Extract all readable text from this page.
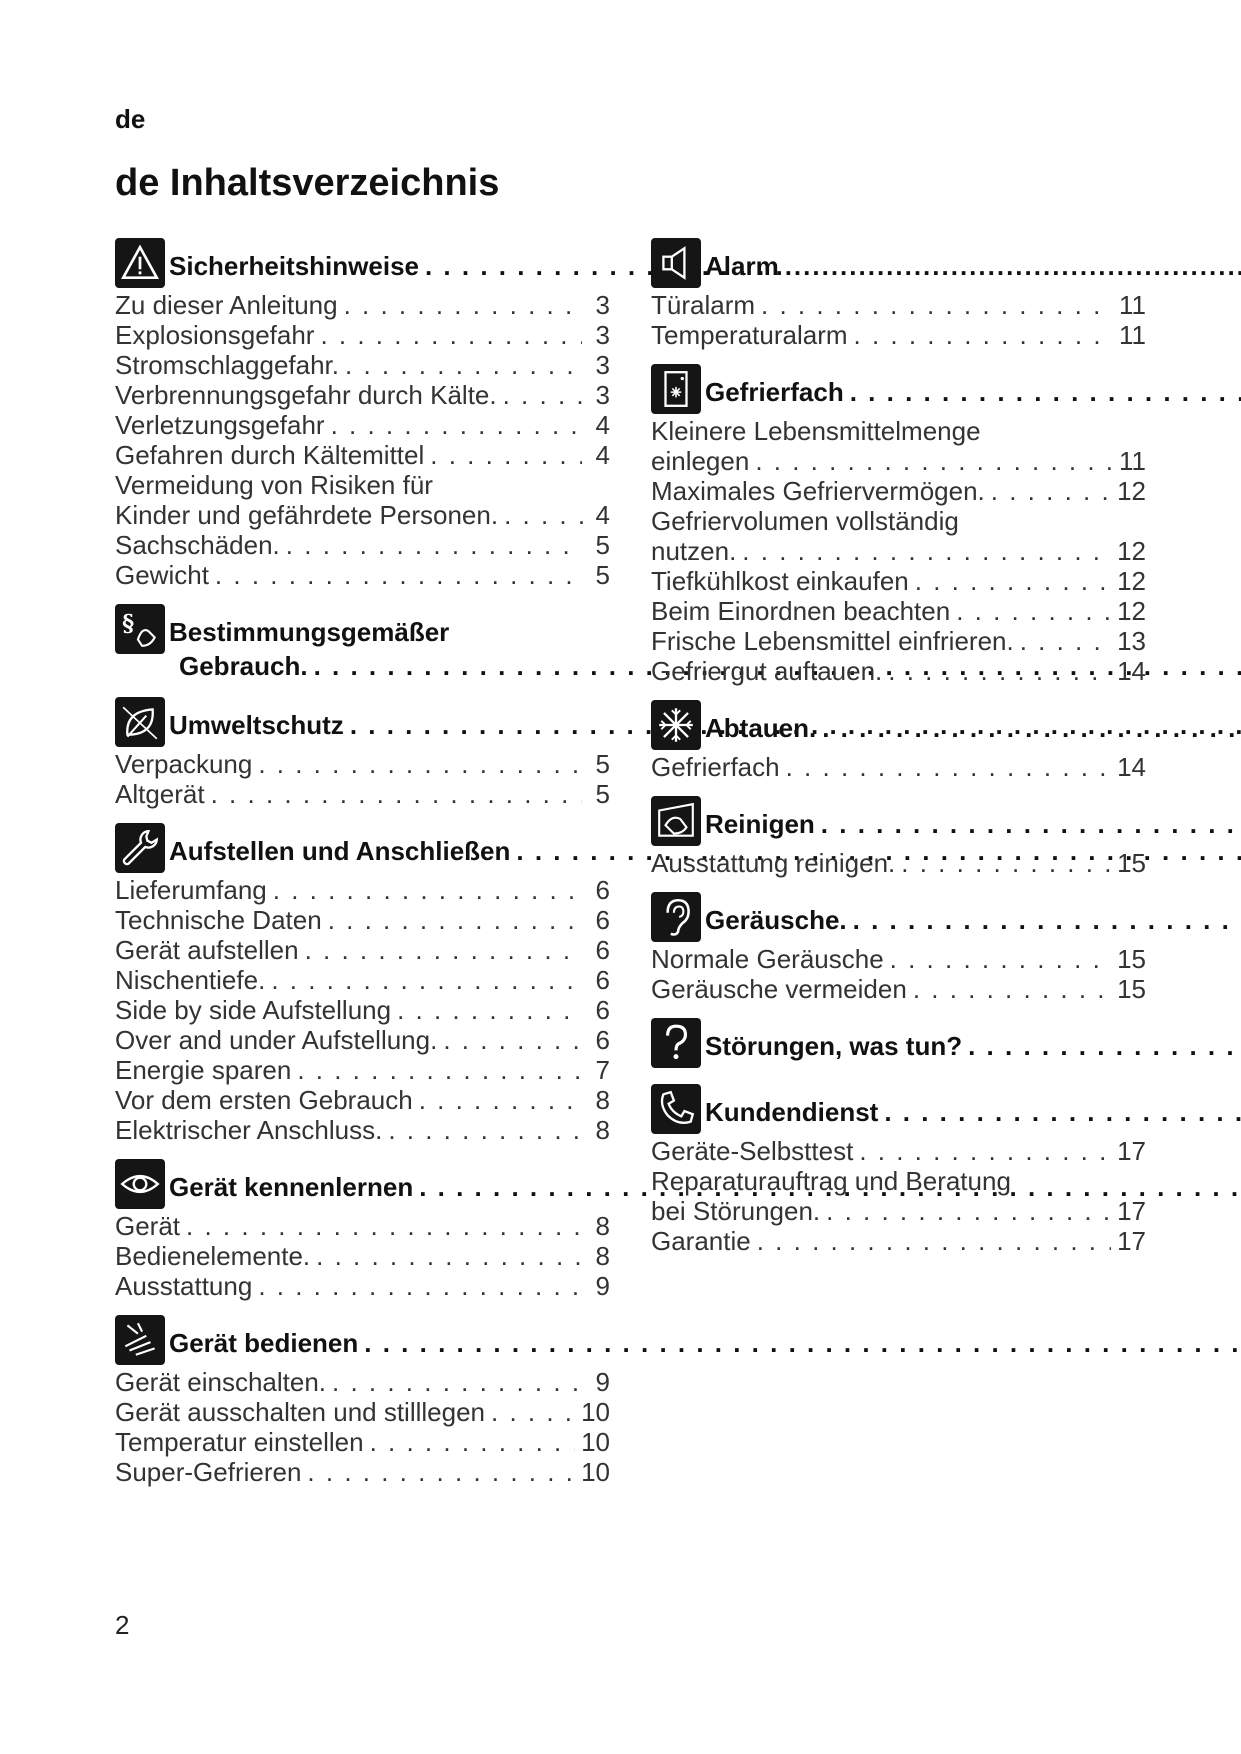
de
de Inhaltsverzeichnis
Sicherheitshinweise
. . .
Zu dieser Anleitung . . .	3
Explosionsgefahr . . .	3
Stromschlaggefahr. . . .	3
Verbrennungsgefahr durch Kälte. . . .	3
Verletzungsgefahr . . .	4
Gefahren durch Kältemittel . . .	4
Vermeidung von Risiken für
Kinder und gefährdete Personen. . . .	4
Sachschäden. . . .	5
Gewicht . . .	5
§ Bestimmungsgemäßer
Gebrauch.
. . .
Umweltschutz
. . .
Verpackung . . .	5
Altgerät . . .	5
Aufstellen und Anschließen
. . .
Lieferumfang . . .	6
Technische Daten . . .	6
Gerät aufstellen . . .	6
Nischentiefe. . . .	6
Side by side Aufstellung . . .	6
Over and under Aufstellung. . . .	6
Energie sparen . . .	7
Vor dem ersten Gebrauch . . .	8
Elektrischer Anschluss. . . .	8
Gerät kennenlernen
. . .
Gerät . . .	8
Bedienelemente. . . .	8
Ausstattung . . .	9
Gerät bedienen
. . .
Gerät einschalten. . . .	9
Gerät ausschalten und stilllegen . . .	10
Temperatur einstellen . . .	10
Super-Gefrieren . . .	10
Alarm
. . .
Türalarm . . .	11
Temperaturalarm . . .	11
Gefrierfach
. . .
Kleinere Lebensmittelmenge
einlegen . . .	11
Maximales Gefriervermögen. . . .	12
Gefriervolumen vollständig
nutzen. . . .	12
Tiefkühlkost einkaufen . . .	12
Beim Einordnen beachten . . .	12
Frische Lebensmittel einfrieren. . . .	13
Gefriergut auftauen. . . .	14
Abtauen.
. . .
Gefrierfach . . .	14
Reinigen
. . .
Ausstattung reinigen. . . .	15
Geräusche.
. . .
Normale Geräusche . . .	15
Geräusche vermeiden . . .	15
Störungen, was tun?
. . .
Kundendienst
. . .
Geräte-Selbsttest . . .	17
Reparaturauftrag und Beratung
bei Störungen. . . .	17
Garantie . . .	17
2
